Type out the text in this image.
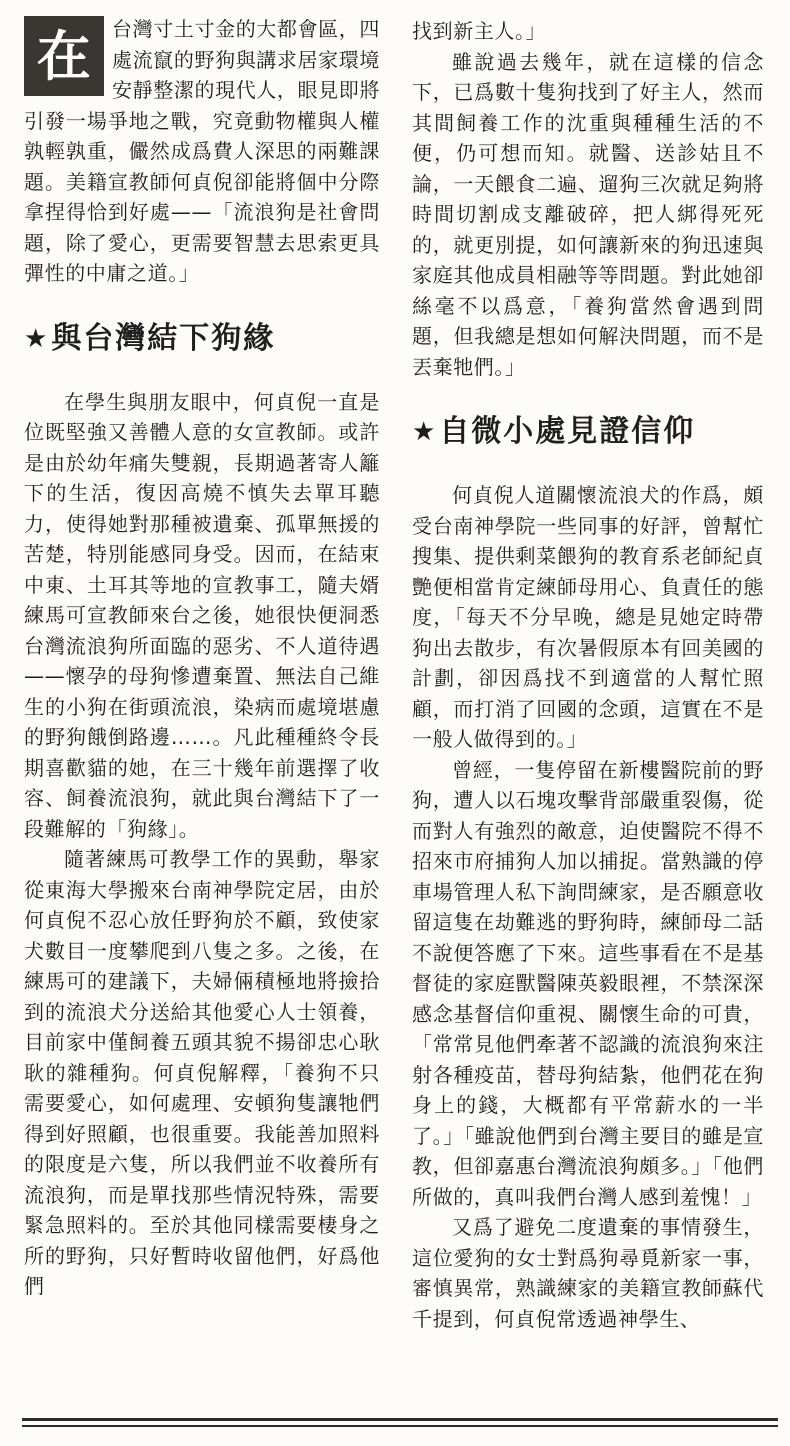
在	台灣寸土寸金的大都會區，四處流竄的野狗與講求居家環境安靜整潔的現代人，眼見即將引發一場爭地之戰，究竟動物權與人權孰輕孰重，儼然成爲費人深思的兩難課題。美籍宣教師何貞倪卻能將個中分際拿捏得恰到好處——「流浪狗是社會問題，除了愛心，更需要智慧去思索更具彈性的中庸之道。」

★ 與台灣結下狗緣

在學生與朋友眼中，何貞倪一直是位既堅強又善體人意的女宣教師。或許是由於幼年痛失雙親，長期過著寄人籬下的生活，復因高燒不慎失去單耳聽力，使得她對那種被遺棄、孤單無援的苦楚，特別能感同身受。因而，在結束中東、土耳其等地的宣教事工，隨夫婿練馬可宣教師來台之後，她很快便洞悉台灣流浪狗所面臨的惡劣、不人道待遇——懷孕的母狗慘遭棄置、無法自己維生的小狗在街頭流浪，染病而處境堪慮的野狗餓倒路邊……。凡此種種終令長期喜歡貓的她，在三十幾年前選擇了收容、飼養流浪狗，就此與台灣結下了一段難解的「狗緣」。

隨著練馬可教學工作的異動，舉家從東海大學搬來台南神學院定居，由於何貞倪不忍心放任野狗於不顧，致使家犬數目一度攀爬到八隻之多。之後，在練馬可的建議下，夫婦倆積極地將撿拾到的流浪犬分送給其他愛心人士領養，目前家中僅飼養五頭其貌不揚卻忠心耿耿的雜種狗。何貞倪解釋，「養狗不只需要愛心，如何處理、安頓狗隻讓牠們得到好照顧，也很重要。我能善加照料的限度是六隻，所以我們並不收養所有流浪狗，而是單找那些情況特殊，需要緊急照料的。至於其他同樣需要棲身之所的野狗，只好暫時收留他們，好爲他們

找到新主人。」

雖說過去幾年，就在這樣的信念下，已爲數十隻狗找到了好主人，然而其間飼養工作的沈重與種種生活的不便，仍可想而知。就醫、送診姑且不論，一天餵食二遍、遛狗三次就足夠將時間切割成支離破碎，把人綁得死死的，就更別提，如何讓新來的狗迅速與家庭其他成員相融等等問題。對此她卻絲毫不以爲意，「養狗當然會遇到問題，但我總是想如何解決問題，而不是丟棄牠們。」

★ 自微小處見證信仰

何貞倪人道關懷流浪犬的作爲，頗受台南神學院一些同事的好評，曾幫忙搜集、提供剩菜餵狗的教育系老師紀貞艷便相當肯定練師母用心、負責任的態度，「每天不分早晚，總是見她定時帶狗出去散步，有次暑假原本有回美國的計劃，卻因爲找不到適當的人幫忙照顧，而打消了回國的念頭，這實在不是一般人做得到的。」

曾經，一隻停留在新樓醫院前的野狗，遭人以石塊攻擊背部嚴重裂傷，從而對人有強烈的敵意，迫使醫院不得不招來市府捕狗人加以捕捉。當熟識的停車場管理人私下詢問練家，是否願意收留這隻在劫難逃的野狗時，練師母二話不說便答應了下來。這些事看在不是基督徒的家庭獸醫陳英毅眼裡，不禁深深感念基督信仰重視、關懷生命的可貴，「常常見他們牽著不認識的流浪狗來注射各種疫苗，替母狗結紮，他們花在狗身上的錢，大概都有平常薪水的一半了。」「雖說他們到台灣主要目的雖是宣教，但卻嘉惠台灣流浪狗頗多。」「他們所做的，真叫我們台灣人感到羞愧！」

又爲了避免二度遺棄的事情發生，這位愛狗的女士對爲狗尋覓新家一事，審慎異常，熟識練家的美籍宣教師蘇代千提到，何貞倪常透過神學生、
